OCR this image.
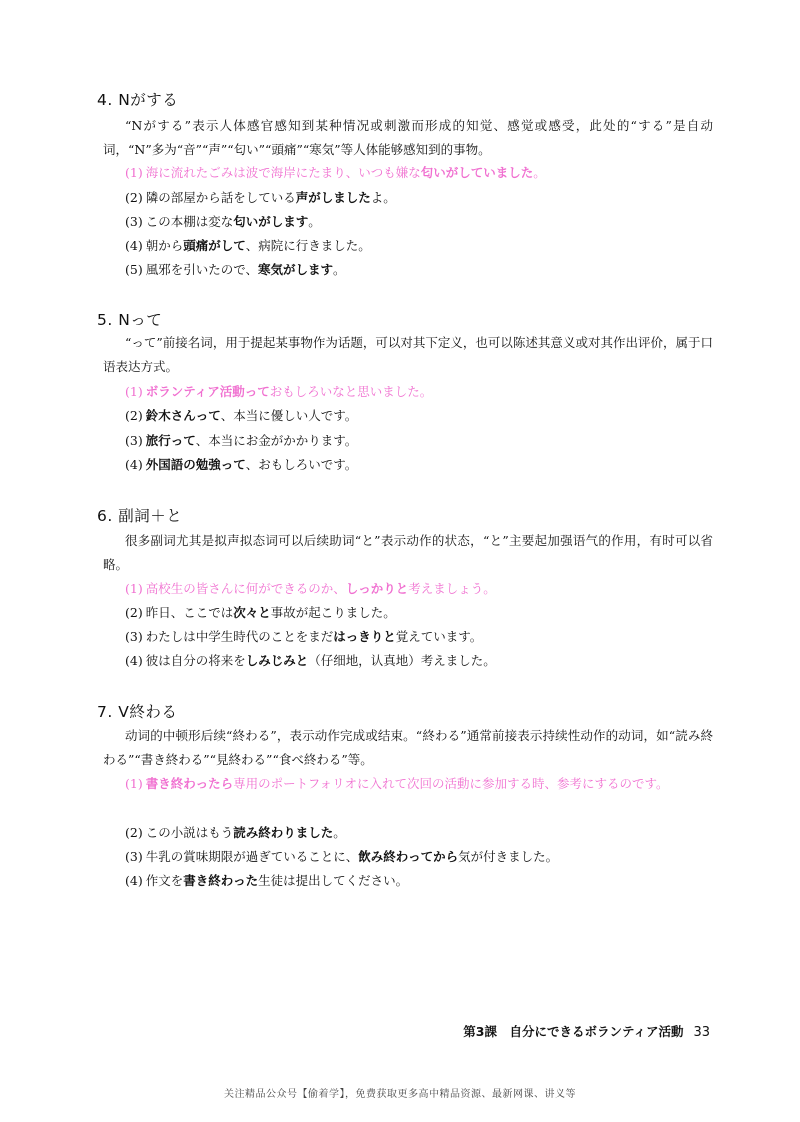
4. Nがする
“Nがする”表示人体感官感知到某种情况或刺激而形成的知觉、感觉或感受，此处的“する”是自动词，“N”多为“音”“声”“匂い”“頭痛”“寒気”等人体能够感知到的事物。
(1) 海に流れたごみは波で海岸にたまり、いつも嫌な匂いがしていました。
(2) 隣の部屋から話をしている声がしましたよ。
(3) この本棚は変な匂いがします。
(4) 朝から頭痛がして、病院に行きました。
(5) 風邪を引いたので、寒気がします。
5. Nって
“って”前接名词，用于提起某事物作为话题，可以对其下定义，也可以陈述其意义或对其作出评价，属于口语表达方式。
(1) ボランティア活動っておもしろいなと思いました。
(2) 鈴木さんって、本当に優しい人です。
(3) 旅行って、本当にお金がかかります。
(4) 外国語の勉強って、おもしろいです。
6. 副詞＋と
很多副词尤其是拟声拟态词可以后续助词“と”表示动作的状态，“と”主要起加强语气的作用，有时可以省略。
(1) 高校生の皆さんに何ができるのか、しっかりと考えましょう。
(2) 昨日、ここでは次々と事故が起こりました。
(3) わたしは中学生時代のことをまだはっきりと覚えています。
(4) 彼は自分の将来をしみじみと（仔细地，认真地）考えました。
7. V終わる
动词的中顿形后续“終わる”，表示动作完成或结束。“終わる”通常前接表示持续性动作的动词，如“読み終わる”“書き終わる”“見終わる”“食べ終わる”等。
(1) 書き終わったら専用のポートフォリオに入れて次回の活動に参加する時、参考にするのです。
(2) この小説はもう読み終わりました。
(3) 牛乳の賞味期限が過ぎていることに、飲み終わってから気が付きました。
(4) 作文を書き終わった生徒は提出してください。
第3課　自分にできるボランティア活動 33
关注精品公众号【偷着学】，免费获取更多高中精品资源、最新网课、讲义等
